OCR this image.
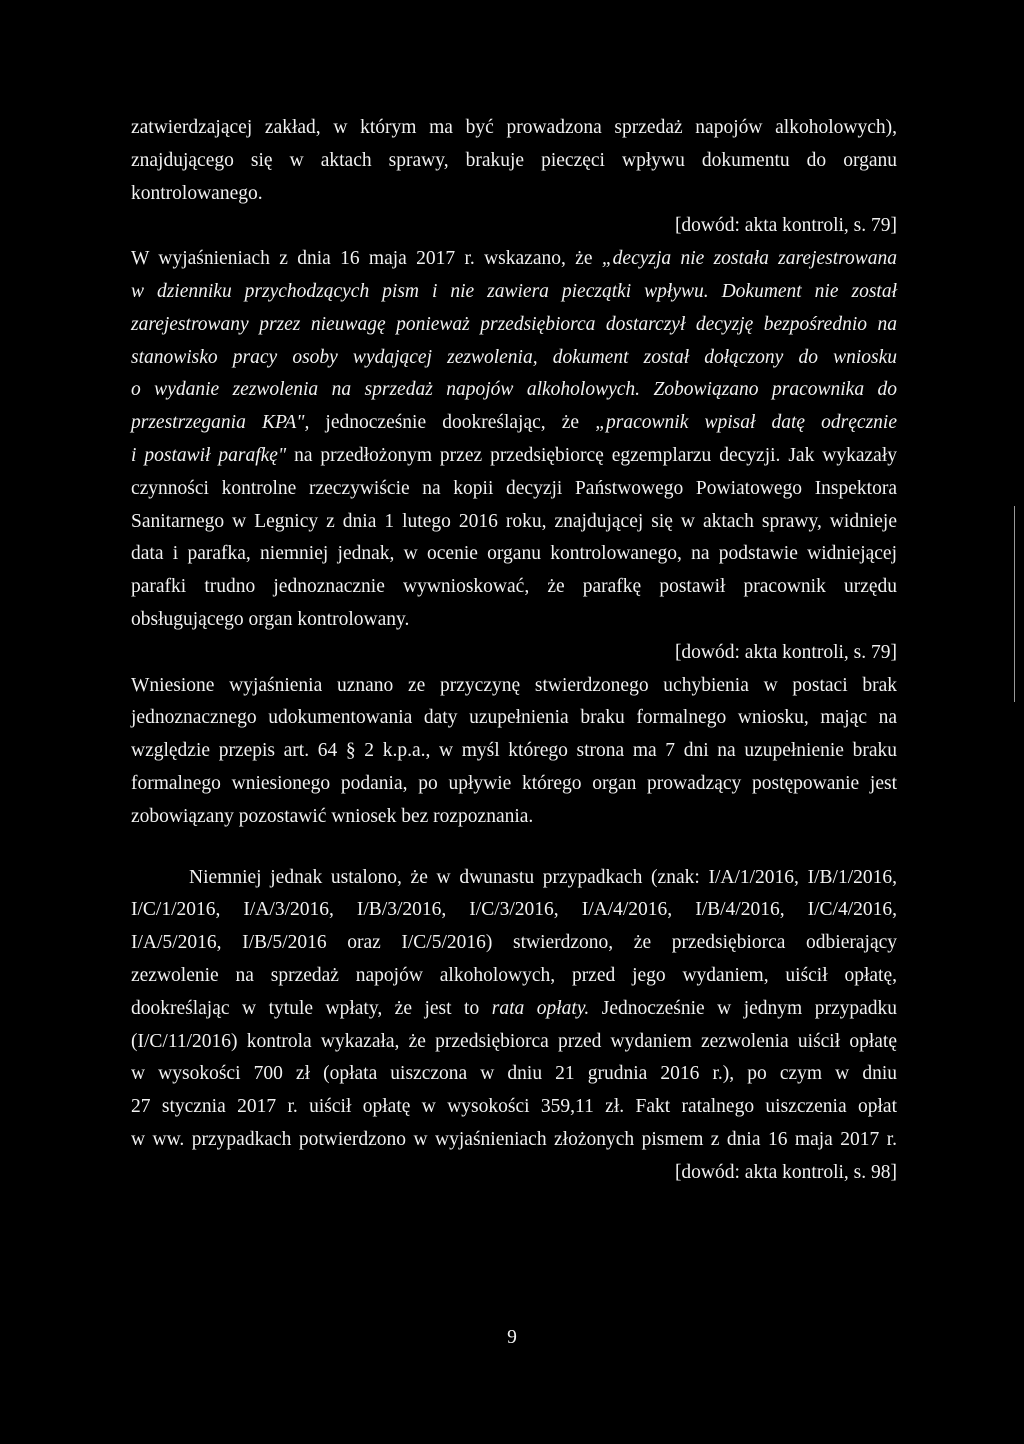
zatwierdzającej zakład, w którym ma być prowadzona sprzedaż napojów alkoholowych),
znajdującego się w aktach sprawy, brakuje pieczęci wpływu dokumentu do organu
kontrolowanego.
[dowód: akta kontroli, s. 79]
W wyjaśnieniach z dnia 16 maja 2017 r. wskazano, że „decyzja nie została zarejestrowana
w dzienniku przychodzących pism i nie zawiera pieczątki wpływu. Dokument nie został
zarejestrowany przez nieuwagę ponieważ przedsiębiorca dostarczył decyzję bezpośrednio na
stanowisko pracy osoby wydającej zezwolenia, dokument został dołączony do wniosku
o wydanie zezwolenia na sprzedaż napojów alkoholowych. Zobowiązano pracownika do
przestrzegania KPA", jednocześnie dookreślając, że „pracownik wpisał datę odręcznie
i postawił parafkę" na przedłożonym przez przedsiębiorcę egzemplarzu decyzji. Jak wykazały
czynności kontrolne rzeczywiście na kopii decyzji Państwowego Powiatowego Inspektora
Sanitarnego w Legnicy z dnia 1 lutego 2016 roku, znajdującej się w aktach sprawy, widnieje
data i parafka, niemniej jednak, w ocenie organu kontrolowanego, na podstawie widniejącej
parafki trudno jednoznacznie wywnioskować, że parafkę postawił pracownik urzędu
obsługującego organ kontrolowany.
[dowód: akta kontroli, s. 79]
Wniesione wyjaśnienia uznano ze przyczynę stwierdzonego uchybienia w postaci brak
jednoznacznego udokumentowania daty uzupełnienia braku formalnego wniosku, mając na
względzie przepis art. 64 § 2 k.p.a., w myśl którego strona ma 7 dni na uzupełnienie braku
formalnego wniesionego podania, po upływie którego organ prowadzący postępowanie jest
zobowiązany pozostawić wniosek bez rozpoznania.
Niemniej jednak ustalono, że w dwunastu przypadkach (znak: I/A/1/2016, I/B/1/2016,
I/C/1/2016, I/A/3/2016, I/B/3/2016, I/C/3/2016, I/A/4/2016, I/B/4/2016, I/C/4/2016,
I/A/5/2016, I/B/5/2016 oraz I/C/5/2016) stwierdzono, że przedsiębiorca odbierający
zezwolenie na sprzedaż napojów alkoholowych, przed jego wydaniem, uiścił opłatę,
dookreślając w tytule wpłaty, że jest to rata opłaty. Jednocześnie w jednym przypadku
(I/C/11/2016) kontrola wykazała, że przedsiębiorca przed wydaniem zezwolenia uiścił opłatę
w wysokości 700 zł (opłata uiszczona w dniu 21 grudnia 2016 r.), po czym w dniu
27 stycznia 2017 r. uiścił opłatę w wysokości 359,11 zł. Fakt ratalnego uiszczenia opłat
w ww. przypadkach potwierdzono w wyjaśnieniach złożonych pismem z dnia 16 maja 2017 r.
[dowód: akta kontroli, s. 98]
9
